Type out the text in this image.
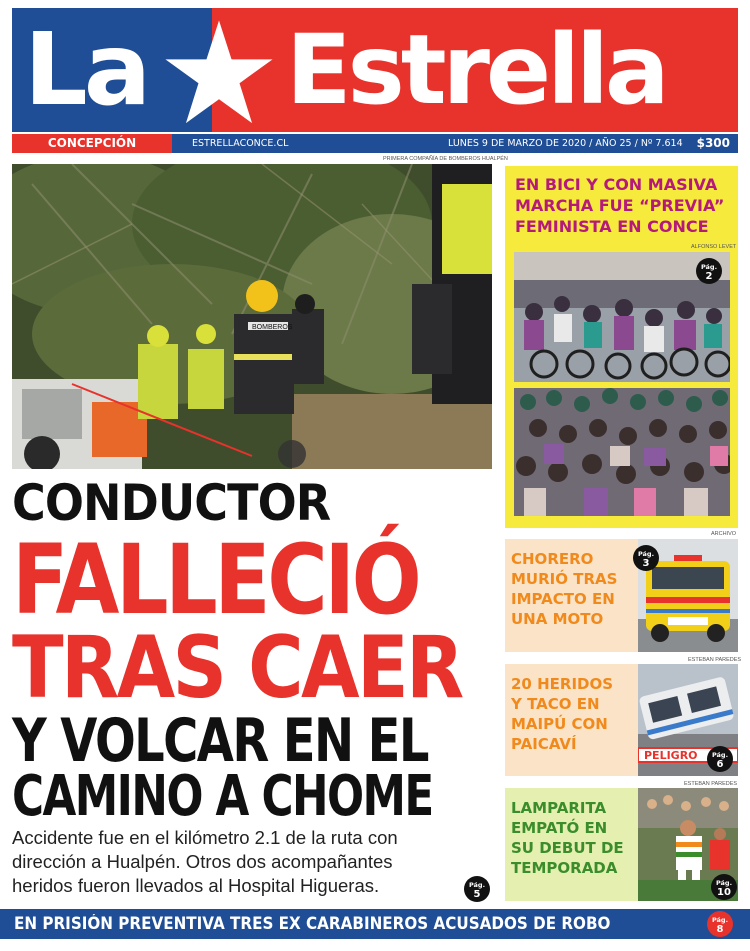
La Estrella
CONCEPCIÓN	ESTRELLACONCE.CL	LUNES 9 DE MARZO DE 2020 / AÑO 25 / Nº 7.614 $300
PRIMERA COMPAÑÍA DE BOMBEROS HUALPÉN
BOMBEROS
CONDUCTOR
FALLECIÓ
TRAS CAER
Y VOLCAR EN EL
CAMINO A CHOME
Accidente fue en el kilómetro 2.1 de la ruta con
dirección a Hualpén. Otros dos acompañantes
heridos fueron llevados al Hospital Higueras.	Pág.
5
EN BICI Y CON MASIVA
MARCHA FUE “PREVIA”
FEMINISTA EN CONCE
ALFONSO LEVET
Pág.
2
ARCHIVO
CHORERO
MURIÓ TRAS
IMPACTO EN
UNA MOTO
Pág.
3
ESTEBAN PAREDES
20 HERIDOS
Y TACO EN
MAIPÚ CON
PAICAVÍ
PELIGRO	Pág.
6
ESTEBAN PAREDES
LAMPARITA
EMPATÓ EN
SU DEBUT DE
TEMPORADA
Pág.
10
EN PRISIÓN PREVENTIVA TRES EX CARABINEROS ACUSADOS DE ROBO	Pág.
8
